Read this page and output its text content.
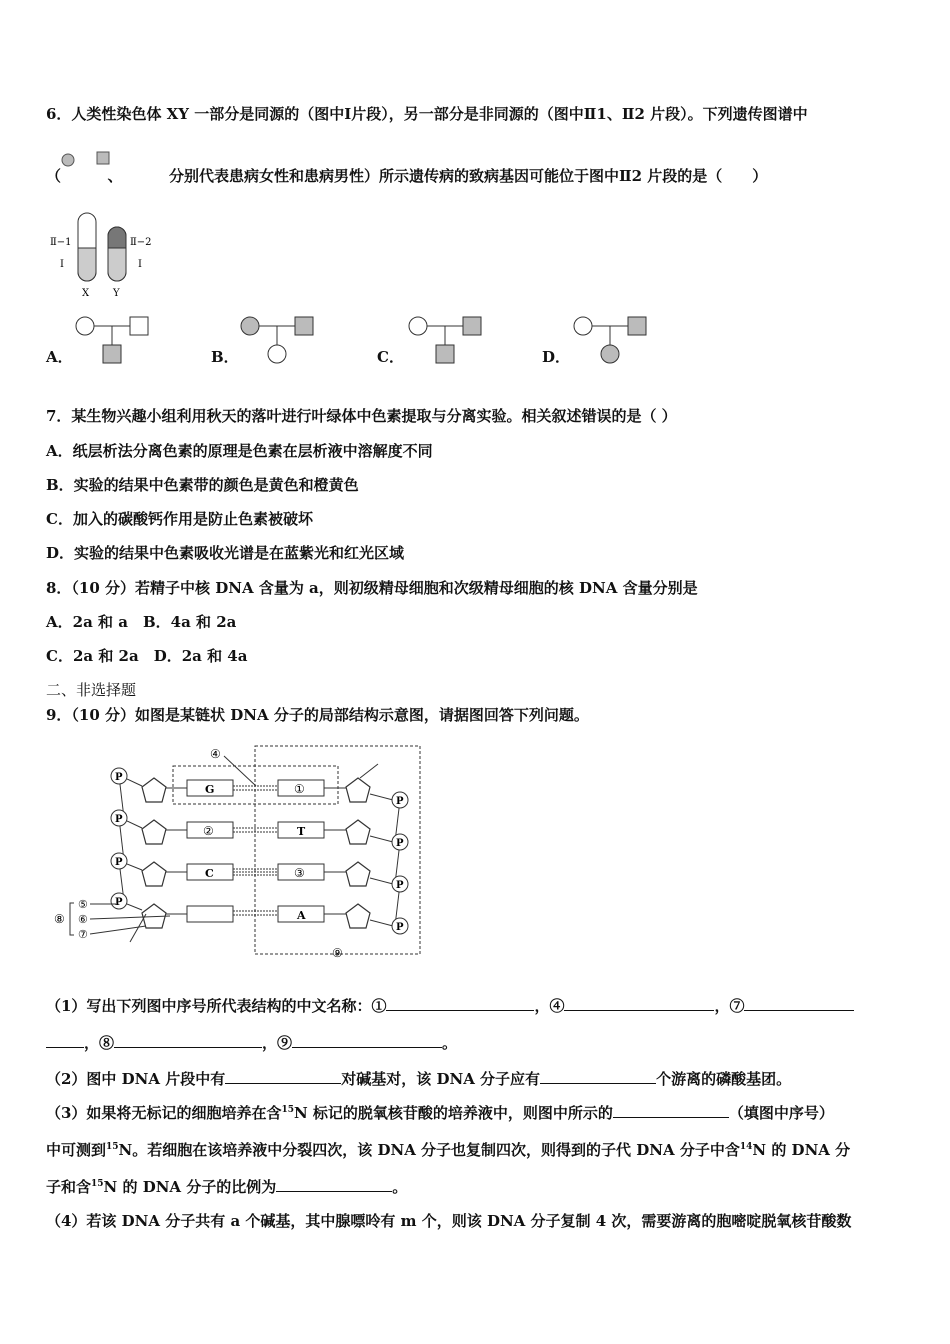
6．人类性染色体 XY 一部分是同源的（图中Ⅰ片段），另一部分是非同源的（图中Ⅱ1、Ⅱ2 片段）。下列遗传图谱中
（	、	分别代表患病女性和患病男性）所示遗传病的致病基因可能位于图中Ⅱ2 片段的是（　　）
Ⅱ−1
Ⅰ
Ⅱ−2
Ⅰ
X Y
A．	B．	C．	D．
7．某生物兴趣小组利用秋天的落叶进行叶绿体中色素提取与分离实验。相关叙述错误的是（ ）
A．纸层析法分离色素的原理是色素在层析液中溶解度不同
B．实验的结果中色素带的颜色是黄色和橙黄色
C．加入的碳酸钙作用是防止色素被破坏
D．实验的结果中色素吸收光谱是在蓝紫光和红光区域
8．（10 分）若精子中核 DNA 含量为 a，则初级精母细胞和次级精母细胞的核 DNA 含量分别是
A．2a 和 a　B．4a 和 2a
C．2a 和 2a　D．2a 和 4a
二、非选择题
9．（10 分）如图是某链状 DNA 分子的局部结构示意图，请据图回答下列问题。
P
G	①
P
P
②	T
P
P
C	③
P
P
A
P
④
⑤
⑥
⑦
⑧
⑨
（1）写出下列图中序号所代表结构的中文名称：①	，④	，⑦
，⑧	，⑨	。
（2）图中 DNA 片段中有	对碱基对，该 DNA 分子应有	个游离的磷酸基团。
（3）如果将无标记的细胞培养在含$^{15}$N 标记的脱氧核苷酸的培养液中，则图中所示的	（填图中序号）
中可测到$^{15}$N。若细胞在该培养液中分裂四次，该 DNA 分子也复制四次，则得到的子代 DNA 分子中含$^{14}$N 的 DNA 分
子和含$^{15}$N 的 DNA 分子的比例为	。
（4）若该 DNA 分子共有 a 个碱基，其中腺嘌呤有 m 个，则该 DNA 分子复制 4 次，需要游离的胞嘧啶脱氧核苷酸数
